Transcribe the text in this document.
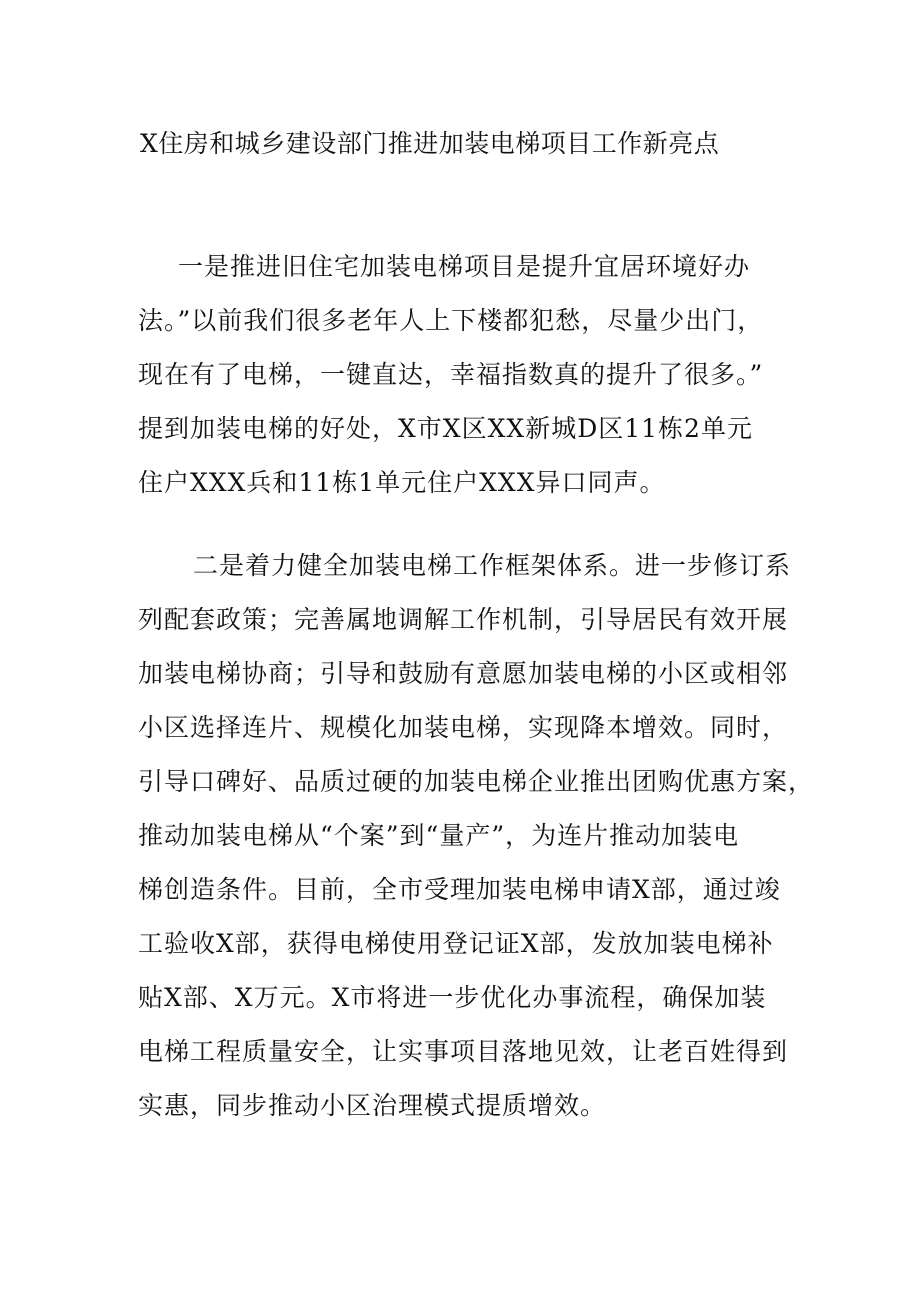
X住房和城乡建设部门推进加装电梯项目工作新亮点
一是推进旧住宅加装电梯项目是提升宜居环境好办
法。”以前我们很多老年人上下楼都犯愁，尽量少出门，
现在有了电梯，一键直达，幸福指数真的提升了很多。”
提到加装电梯的好处，X市X区XX新城D区11栋2单元
住户XXX兵和11栋1单元住户XXX异口同声。
二是着力健全加装电梯工作框架体系。进一步修订系
列配套政策；完善属地调解工作机制，引导居民有效开展
加装电梯协商；引导和鼓励有意愿加装电梯的小区或相邻
小区选择连片、规模化加装电梯，实现降本增效。同时，
引导口碑好、品质过硬的加装电梯企业推出团购优惠方案，
推动加装电梯从“个案”到“量产”，为连片推动加装电
梯创造条件。目前，全市受理加装电梯申请X部，通过竣
工验收X部，获得电梯使用登记证X部，发放加装电梯补
贴X部、X万元。X市将进一步优化办事流程，确保加装
电梯工程质量安全，让实事项目落地见效，让老百姓得到
实惠，同步推动小区治理模式提质增效。
